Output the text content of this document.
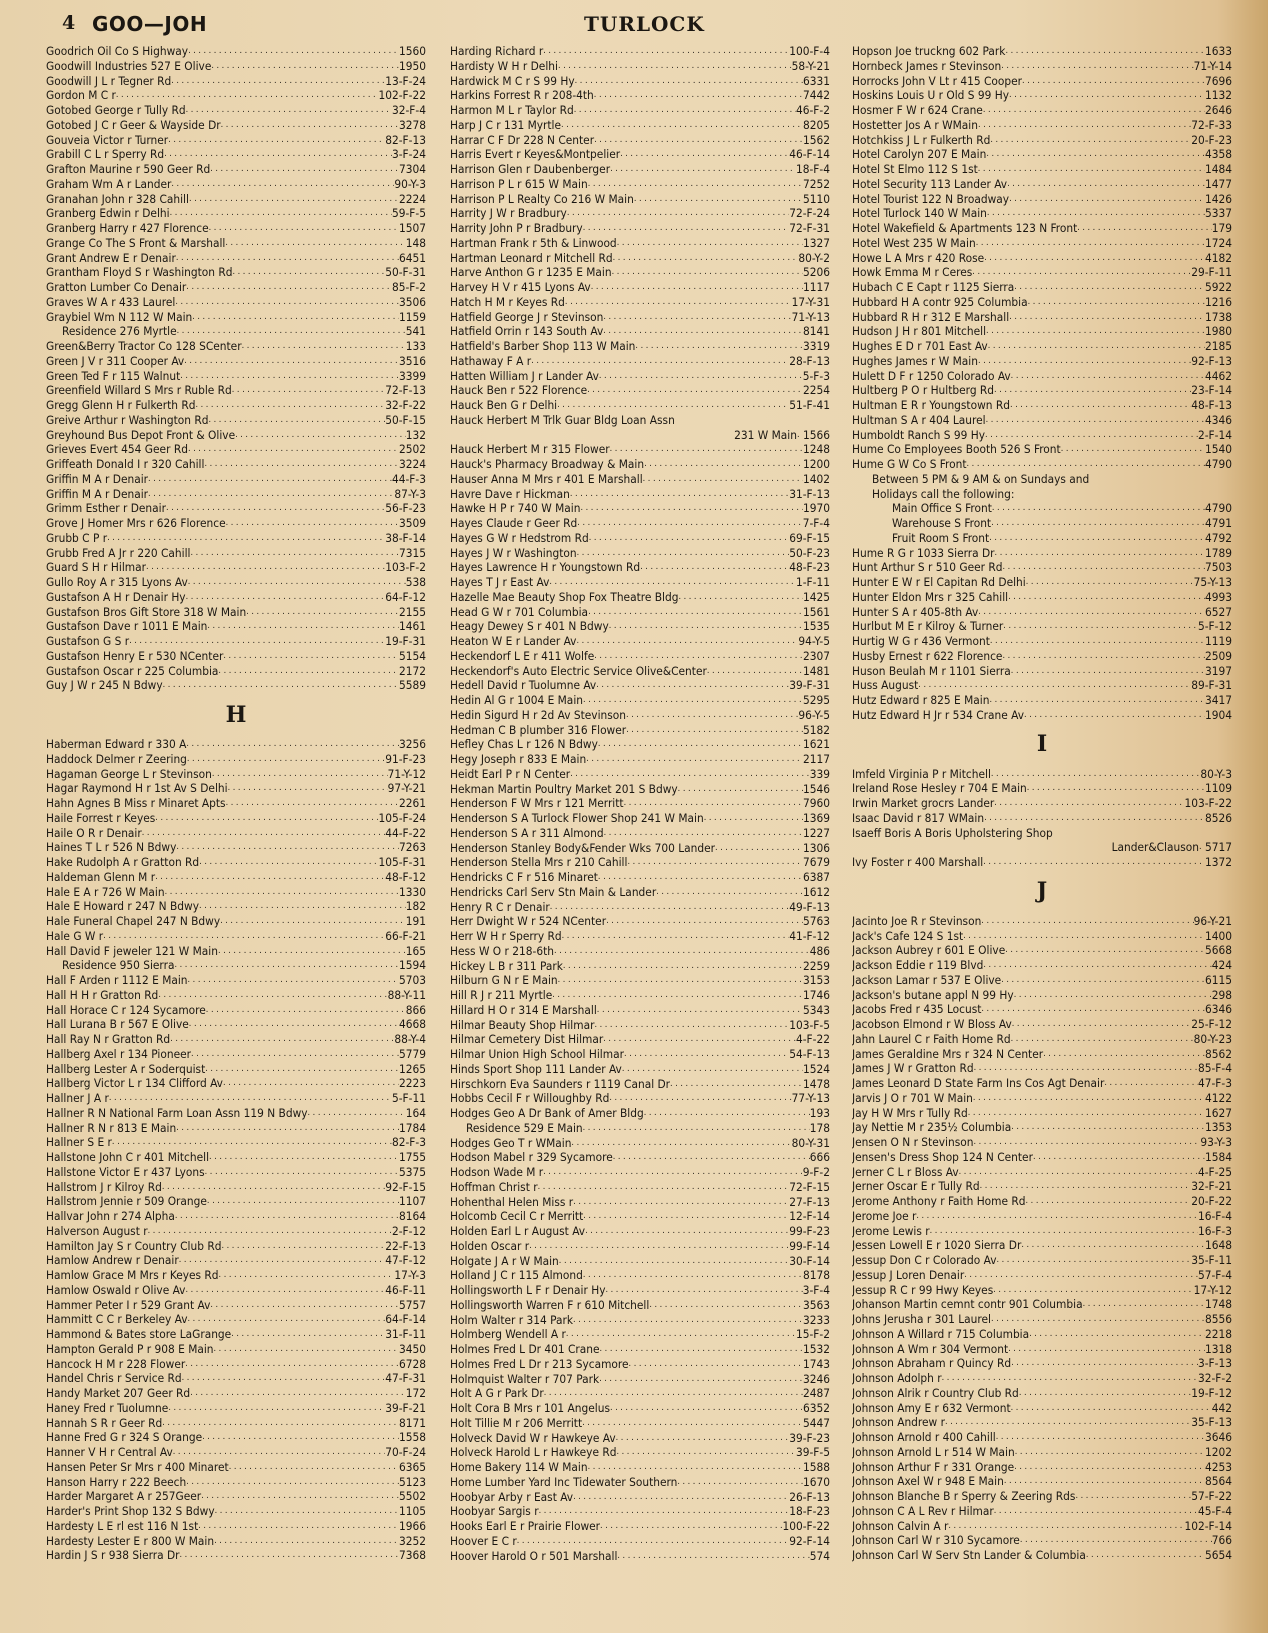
4 GOO—JOH	TURLOCK
Goodrich Oil Co S Highway . . .	1560
Goodwill Industries 527 E Olive . . .	1950
Goodwill J L r Tegner Rd . . .	13-F-24
Gordon M C r . . .	102-F-22
Gotobed George r Tully Rd . . .	32-F-4
Gotobed J C r Geer & Wayside Dr . . .	3278
Gouveia Victor r Turner . . .	82-F-13
Grabill C L r Sperry Rd . . .	3-F-24
Grafton Maurine r 590 Geer Rd . . .	7304
Graham Wm A r Lander . . .	90-Y-3
Granahan John r 328 Cahill . . .	2224
Granberg Edwin r Delhi . . .	59-F-5
Granberg Harry r 427 Florence . . .	1507
Grange Co The S Front & Marshall . . .	148
Grant Andrew E r Denair . . .	6451
Grantham Floyd S r Washington Rd . . .	50-F-31
Gratton Lumber Co Denair . . .	85-F-2
Graves W A r 433 Laurel . . .	3506
Graybiel Wm N 112 W Main . . .	1159
Residence 276 Myrtle . . .	541
Green&Berry Tractor Co 128 SCenter . . .	133
Green J V r 311 Cooper Av . . .	3516
Green Ted F r 115 Walnut . . .	3399
Greenfield Willard S Mrs r Ruble Rd . . .	72-F-13
Gregg Glenn H r Fulkerth Rd . . .	32-F-22
Greive Arthur r Washington Rd . . .	50-F-15
Greyhound Bus Depot Front & Olive . . .	132
Grieves Evert 454 Geer Rd . . .	2502
Griffeath Donald I r 320 Cahill . . .	3224
Griffin M A r Denair . . .	44-F-3
Griffin M A r Denair . . .	87-Y-3
Grimm Esther r Denair . . .	56-F-23
Grove J Homer Mrs r 626 Florence . . .	3509
Grubb C P r . . .	38-F-14
Grubb Fred A Jr r 220 Cahill . . .	7315
Guard S H r Hilmar . . .	103-F-2
Gullo Roy A r 315 Lyons Av . . .	538
Gustafson A H r Denair Hy . . .	64-F-12
Gustafson Bros Gift Store 318 W Main . . .	2155
Gustafson Dave r 1011 E Main . . .	1461
Gustafson G S r . . .	19-F-31
Gustafson Henry E r 530 NCenter . . .	5154
Gustafson Oscar r 225 Columbia . . .	2172
Guy J W r 245 N Bdwy . . .	5589
H
Haberman Edward r 330 A . . .	3256
Haddock Delmer r Zeering . . .	91-F-23
Hagaman George L r Stevinson . . .	71-Y-12
Hagar Raymond H r 1st Av S Delhi . . .	97-Y-21
Hahn Agnes B Miss r Minaret Apts . . .	2261
Haile Forrest r Keyes . . .	105-F-24
Haile O R r Denair . . .	44-F-22
Haines T L r 526 N Bdwy . . .	7263
Hake Rudolph A r Gratton Rd . . .	105-F-31
Haldeman Glenn M r . . .	48-F-12
Hale E A r 726 W Main . . .	1330
Hale E Howard r 247 N Bdwy . . .	182
Hale Funeral Chapel 247 N Bdwy . . .	191
Hale G W r . . .	66-F-21
Hall David F jeweler 121 W Main . . .	165
Residence 950 Sierra . . .	1594
Hall F Arden r 1112 E Main . . .	5703
Hall H H r Gratton Rd . . .	88-Y-11
Hall Horace C r 124 Sycamore . . .	866
Hall Lurana B r 567 E Olive . . .	4668
Hall Ray N r Gratton Rd . . .	88-Y-4
Hallberg Axel r 134 Pioneer . . .	5779
Hallberg Lester A r Soderquist . . .	1265
Hallberg Victor L r 134 Clifford Av . . .	2223
Hallner J A r . . .	5-F-11
Hallner R N National Farm Loan Assn 119 N Bdwy . . .	164
Hallner R N r 813 E Main . . .	1784
Hallner S E r . . .	82-F-3
Hallstone John C r 401 Mitchell . . .	1755
Hallstone Victor E r 437 Lyons . . .	5375
Hallstrom J r Kilroy Rd . . .	92-F-15
Hallstrom Jennie r 509 Orange . . .	1107
Hallvar John r 274 Alpha . . .	8164
Halverson August r . . .	2-F-12
Hamilton Jay S r Country Club Rd . . .	22-F-13
Hamlow Andrew r Denair . . .	47-F-12
Hamlow Grace M Mrs r Keyes Rd . . .	17-Y-3
Hamlow Oswald r Olive Av . . .	46-F-11
Hammer Peter I r 529 Grant Av . . .	5757
Hammitt C C r Berkeley Av . . .	64-F-14
Hammond & Bates store LaGrange . . .	31-F-11
Hampton Gerald P r 908 E Main . . .	3450
Hancock H M r 228 Flower . . .	6728
Handel Chris r Service Rd . . .	47-F-31
Handy Market 207 Geer Rd . . .	172
Haney Fred r Tuolumne . . .	39-F-21
Hannah S R r Geer Rd . . .	8171
Hanne Fred G r 324 S Orange . . .	1558
Hanner V H r Central Av . . .	70-F-24
Hansen Peter Sr Mrs r 400 Minaret . . .	6365
Hanson Harry r 222 Beech . . .	5123
Harder Margaret A r 257Geer . . .	5502
Harder's Print Shop 132 S Bdwy . . .	1105
Hardesty L E rl est 116 N 1st . . .	1966
Hardesty Lester E r 800 W Main . . .	3252
Hardin J S r 938 Sierra Dr . . .	7368
Harding Richard r . . .	100-F-4
Hardisty W H r Delhi . . .	58-Y-21
Hardwick M C r S 99 Hy . . .	6331
Harkins Forrest R r 208-4th . . .	7442
Harmon M L r Taylor Rd . . .	46-F-2
Harp J C r 131 Myrtle . . .	8205
Harrar C F Dr 228 N Center . . .	1562
Harris Evert r Keyes&Montpelier . . .	46-F-14
Harrison Glen r Daubenberger . . .	18-F-4
Harrison P L r 615 W Main . . .	7252
Harrison P L Realty Co 216 W Main . . .	5110
Harrity J W r Bradbury . . .	72-F-24
Harrity John P r Bradbury . . .	72-F-31
Hartman Frank r 5th & Linwood . . .	1327
Hartman Leonard r Mitchell Rd . . .	80-Y-2
Harve Anthon G r 1235 E Main . . .	5206
Harvey H V r 415 Lyons Av . . .	1117
Hatch H M r Keyes Rd . . .	17-Y-31
Hatfield George J r Stevinson . . .	71-Y-13
Hatfield Orrin r 143 South Av . . .	8141
Hatfield's Barber Shop 113 W Main . . .	3319
Hathaway F A r . . .	28-F-13
Hatten William J r Lander Av . . .	5-F-3
Hauck Ben r 522 Florence . . .	2254
Hauck Ben G r Delhi . . .	51-F-41
Hauck Herbert M Trlk Guar Bldg Loan Assn
231 W Main . . . 1566
Hauck Herbert M r 315 Flower . . .	1248
Hauck's Pharmacy Broadway & Main . . .	1200
Hauser Anna M Mrs r 401 E Marshall . . .	1402
Havre Dave r Hickman . . .	31-F-13
Hawke H P r 740 W Main . . .	1970
Hayes Claude r Geer Rd . . .	7-F-4
Hayes G W r Hedstrom Rd . . .	69-F-15
Hayes J W r Washington . . .	50-F-23
Hayes Lawrence H r Youngstown Rd . . .	48-F-23
Hayes T J r East Av . . .	1-F-11
Hazelle Mae Beauty Shop Fox Theatre Bldg . . .	1425
Head G W r 701 Columbia . . .	1561
Heagy Dewey S r 401 N Bdwy . . .	1535
Heaton W E r Lander Av . . .	94-Y-5
Heckendorf L E r 411 Wolfe . . .	2307
Heckendorf's Auto Electric Service Olive&Center . . .	1481
Hedell David r Tuolumne Av . . .	39-F-31
Hedin Al G r 1004 E Main . . .	5295
Hedin Sigurd H r 2d Av Stevinson . . .	96-Y-5
Hedman C B plumber 316 Flower . . .	5182
Hefley Chas L r 126 N Bdwy . . .	1621
Hegy Joseph r 833 E Main . . .	2117
Heidt Earl P r N Center . . .	339
Hekman Martin Poultry Market 201 S Bdwy . . .	1546
Henderson F W Mrs r 121 Merritt . . .	7960
Henderson S A Turlock Flower Shop 241 W Main . . .	1369
Henderson S A r 311 Almond . . .	1227
Henderson Stanley Body&Fender Wks 700 Lander . . .	1306
Henderson Stella Mrs r 210 Cahill . . .	7679
Hendricks C F r 516 Minaret . . .	6387
Hendricks Carl Serv Stn Main & Lander . . .	1612
Henry R C r Denair . . .	49-F-13
Herr Dwight W r 524 NCenter . . .	5763
Herr W H r Sperry Rd . . .	41-F-12
Hess W O r 218-6th . . .	486
Hickey L B r 311 Park . . .	2259
Hilburn G N r E Main . . .	3153
Hill R J r 211 Myrtle . . .	1746
Hillard H O r 314 E Marshall . . .	5343
Hilmar Beauty Shop Hilmar . . .	103-F-5
Hilmar Cemetery Dist Hilmar . . .	4-F-22
Hilmar Union High School Hilmar . . .	54-F-13
Hinds Sport Shop 111 Lander Av . . .	1524
Hirschkorn Eva Saunders r 1119 Canal Dr . . .	1478
Hobbs Cecil F r Willoughby Rd . . .	77-Y-13
Hodges Geo A Dr Bank of Amer Bldg . . .	193
Residence 529 E Main . . .	178
Hodges Geo T r WMain . . .	80-Y-31
Hodson Mabel r 329 Sycamore . . .	666
Hodson Wade M r . . .	9-F-2
Hoffman Christ r . . .	72-F-15
Hohenthal Helen Miss r . . .	27-F-13
Holcomb Cecil C r Merritt . . .	12-F-14
Holden Earl L r August Av . . .	99-F-23
Holden Oscar r . . .	99-F-14
Holgate J A r W Main . . .	30-F-14
Holland J C r 115 Almond . . .	8178
Hollingsworth L F r Denair Hy . . .	3-F-4
Hollingsworth Warren F r 610 Mitchell . . .	3563
Holm Walter r 314 Park . . .	3233
Holmberg Wendell A r . . .	15-F-2
Holmes Fred L Dr 401 Crane . . .	1532
Holmes Fred L Dr r 213 Sycamore . . .	1743
Holmquist Walter r 707 Park . . .	3246
Holt A G r Park Dr . . .	2487
Holt Cora B Mrs r 101 Angelus . . .	6352
Holt Tillie M r 206 Merritt . . .	5447
Holveck David W r Hawkeye Av . . .	39-F-23
Holveck Harold L r Hawkeye Rd . . .	39-F-5
Home Bakery 114 W Main . . .	1588
Home Lumber Yard Inc Tidewater Southern . . .	1670
Hoobyar Arby r East Av . . .	26-F-13
Hoobyar Sargis r . . .	18-F-23
Hooks Earl E r Prairie Flower . . .	100-F-22
Hoover E C r . . .	92-F-14
Hoover Harold O r 501 Marshall . . .	574
Hopson Joe truckng 602 Park . . .	1633
Hornbeck James r Stevinson . . .	71-Y-14
Horrocks John V Lt r 415 Cooper . . .	7696
Hoskins Louis U r Old S 99 Hy . . .	1132
Hosmer F W r 624 Crane . . .	2646
Hostetter Jos A r WMain . . .	72-F-33
Hotchkiss J L r Fulkerth Rd . . .	20-F-23
Hotel Carolyn 207 E Main . . .	4358
Hotel St Elmo 112 S 1st . . .	1484
Hotel Security 113 Lander Av . . .	1477
Hotel Tourist 122 N Broadway . . .	1426
Hotel Turlock 140 W Main . . .	5337
Hotel Wakefield & Apartments 123 N Front . . .	179
Hotel West 235 W Main . . .	1724
Howe L A Mrs r 420 Rose . . .	4182
Howk Emma M r Ceres . . .	29-F-11
Hubach C E Capt r 1125 Sierra . . .	5922
Hubbard H A contr 925 Columbia . . .	1216
Hubbard R H r 312 E Marshall . . .	1738
Hudson J H r 801 Mitchell . . .	1980
Hughes E D r 701 East Av . . .	2185
Hughes James r W Main . . .	92-F-13
Hulett D F r 1250 Colorado Av . . .	4462
Hultberg P O r Hultberg Rd . . .	23-F-14
Hultman E R r Youngstown Rd . . .	48-F-13
Hultman S A r 404 Laurel . . .	4346
Humboldt Ranch S 99 Hy . . .	2-F-14
Hume Co Employees Booth 526 S Front . . .	1540
Hume G W Co S Front . . .	4790
Between 5 PM & 9 AM & on Sundays and
Holidays call the following:
Main Office S Front . . .	4790
Warehouse S Front . . .	4791
Fruit Room S Front . . .	4792
Hume R G r 1033 Sierra Dr . . .	1789
Hunt Arthur S r 510 Geer Rd . . .	7503
Hunter E W r El Capitan Rd Delhi . . .	75-Y-13
Hunter Eldon Mrs r 325 Cahill . . .	4993
Hunter S A r 405-8th Av . . .	6527
Hurlbut M E r Kilroy & Turner . . .	5-F-12
Hurtig W G r 436 Vermont . . .	1119
Husby Ernest r 622 Florence . . .	2509
Huson Beulah M r 1101 Sierra . . .	3197
Huss August . . .	89-F-31
Hutz Edward r 825 E Main . . .	3417
Hutz Edward H Jr r 534 Crane Av . . .	1904
I
Imfeld Virginia P r Mitchell . . .	80-Y-3
Ireland Rose Hesley r 704 E Main . . .	1109
Irwin Market grocrs Lander . . .	103-F-22
Isaac David r 817 WMain . . .	8526
Isaeff Boris A Boris Upholstering Shop
Lander&Clauson . . . 5717
Ivy Foster r 400 Marshall . . .	1372
J
Jacinto Joe R r Stevinson . . .	96-Y-21
Jack's Cafe 124 S 1st . . .	1400
Jackson Aubrey r 601 E Olive . . .	5668
Jackson Eddie r 119 Blvd . . .	424
Jackson Lamar r 537 E Olive . . .	6115
Jackson's butane appl N 99 Hy . . .	298
Jacobs Fred r 435 Locust . . .	6346
Jacobson Elmond r W Bloss Av . . .	25-F-12
Jahn Laurel C r Faith Home Rd . . .	80-Y-23
James Geraldine Mrs r 324 N Center . . .	8562
James J W r Gratton Rd . . .	85-F-4
James Leonard D State Farm Ins Cos Agt Denair . . .	47-F-3
Jarvis J O r 701 W Main . . .	4122
Jay H W Mrs r Tully Rd . . .	1627
Jay Nettie M r 235½ Columbia . . .	1353
Jensen O N r Stevinson . . .	93-Y-3
Jensen's Dress Shop 124 N Center . . .	1584
Jerner C L r Bloss Av . . .	4-F-25
Jerner Oscar E r Tully Rd . . .	32-F-21
Jerome Anthony r Faith Home Rd . . .	20-F-22
Jerome Joe r . . .	16-F-4
Jerome Lewis r . . .	16-F-3
Jessen Lowell E r 1020 Sierra Dr . . .	1648
Jessup Don C r Colorado Av . . .	35-F-11
Jessup J Loren Denair . . .	57-F-4
Jessup R C r 99 Hwy Keyes . . .	17-Y-12
Johanson Martin cemnt contr 901 Columbia . . .	1748
Johns Jerusha r 301 Laurel . . .	8556
Johnson A Willard r 715 Columbia . . .	2218
Johnson A Wm r 304 Vermont . . .	1318
Johnson Abraham r Quincy Rd . . .	3-F-13
Johnson Adolph r . . .	32-F-2
Johnson Alrik r Country Club Rd . . .	19-F-12
Johnson Amy E r 632 Vermont . . .	442
Johnson Andrew r . . .	35-F-13
Johnson Arnold r 400 Cahill . . .	3646
Johnson Arnold L r 514 W Main . . .	1202
Johnson Arthur F r 331 Orange . . .	4253
Johnson Axel W r 948 E Main . . .	8564
Johnson Blanche B r Sperry & Zeering Rds . . .	57-F-22
Johnson C A L Rev r Hilmar . . .	45-F-4
Johnson Calvin A r . . .	102-F-14
Johnson Carl W r 310 Sycamore . . .	766
Johnson Carl W Serv Stn Lander & Columbia . . .	5654
